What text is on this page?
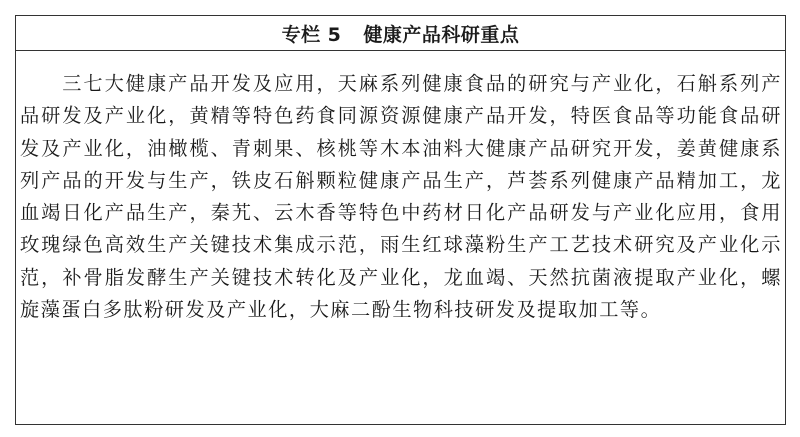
专栏 5 健康产品科研重点

三七大健康产品开发及应用，天麻系列健康食品的研究与产业化，石斛系列产品研发及产业化，黄精等特色药食同源资源健康产品开发，特医食品等功能食品研发及产业化，油橄榄、青刺果、核桃等木本油料大健康产品研究开发，姜黄健康系列产品的开发与生产，铁皮石斛颗粒健康产品生产，芦荟系列健康产品精加工，龙血竭日化产品生产，秦艽、云木香等特色中药材日化产品研发与产业化应用，食用玫瑰绿色高效生产关键技术集成示范，雨生红球藻粉生产工艺技术研究及产业化示范，补骨脂发酵生产关键技术转化及产业化，龙血竭、天然抗菌液提取产业化，螺旋藻蛋白多肽粉研发及产业化，大麻二酚生物科技研发及提取加工等。
